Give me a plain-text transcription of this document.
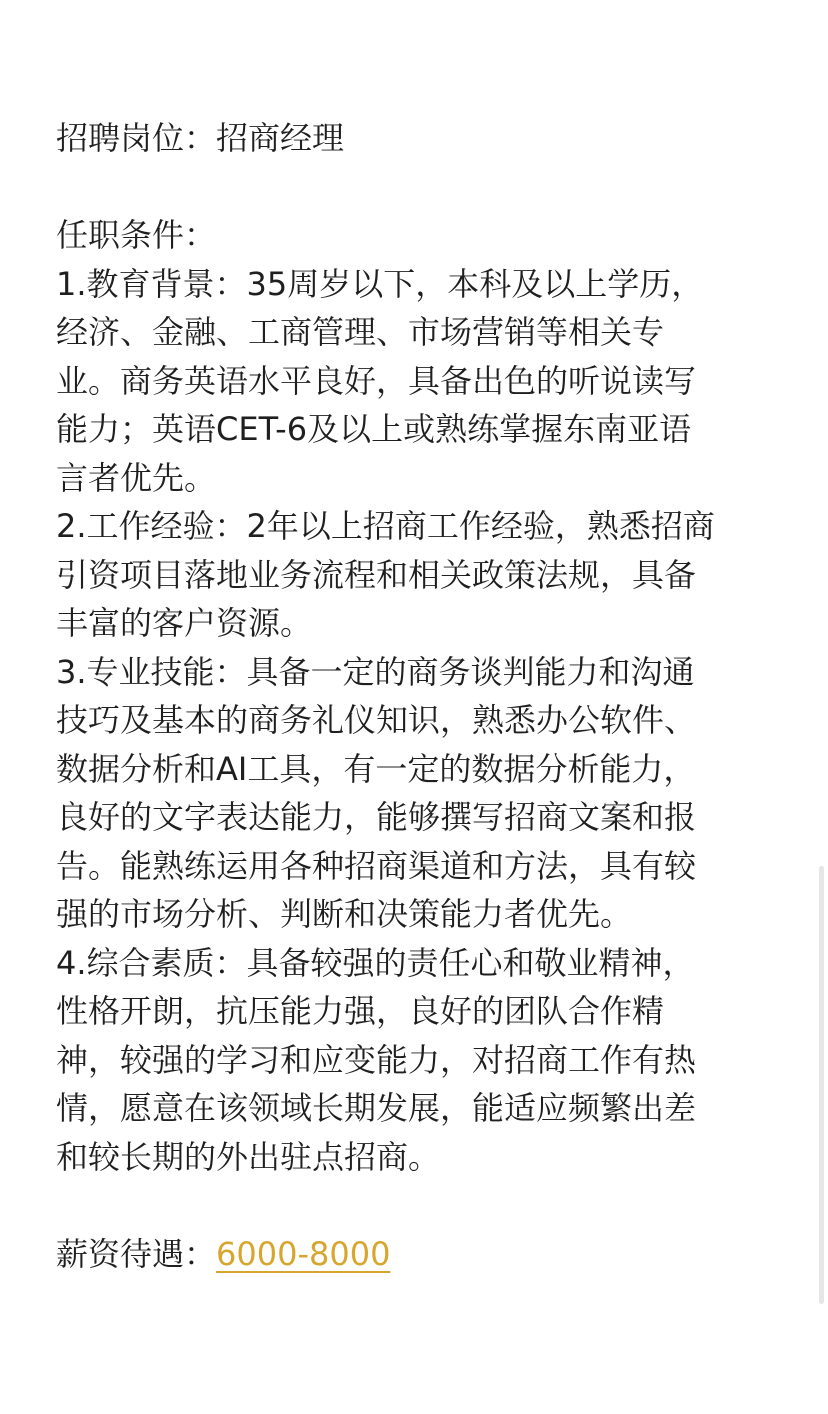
招聘岗位：招商经理
任职条件：
1.教育背景：35周岁以下，本科及以上学历，
经济、金融、工商管理、市场营销等相关专
业。商务英语水平良好，具备出色的听说读写
能力；英语CET-6及以上或熟练掌握东南亚语
言者优先。
2.工作经验：2年以上招商工作经验，熟悉招商
引资项目落地业务流程和相关政策法规，具备
丰富的客户资源。
3.专业技能：具备一定的商务谈判能力和沟通
技巧及基本的商务礼仪知识，熟悉办公软件、
数据分析和AI工具，有一定的数据分析能力，
良好的文字表达能力，能够撰写招商文案和报
告。能熟练运用各种招商渠道和方法，具有较
强的市场分析、判断和决策能力者优先。
4.综合素质：具备较强的责任心和敬业精神，
性格开朗，抗压能力强，良好的团队合作精
神，较强的学习和应变能力，对招商工作有热
情，愿意在该领域长期发展，能适应频繁出差
和较长期的外出驻点招商。
薪资待遇：6000-8000
